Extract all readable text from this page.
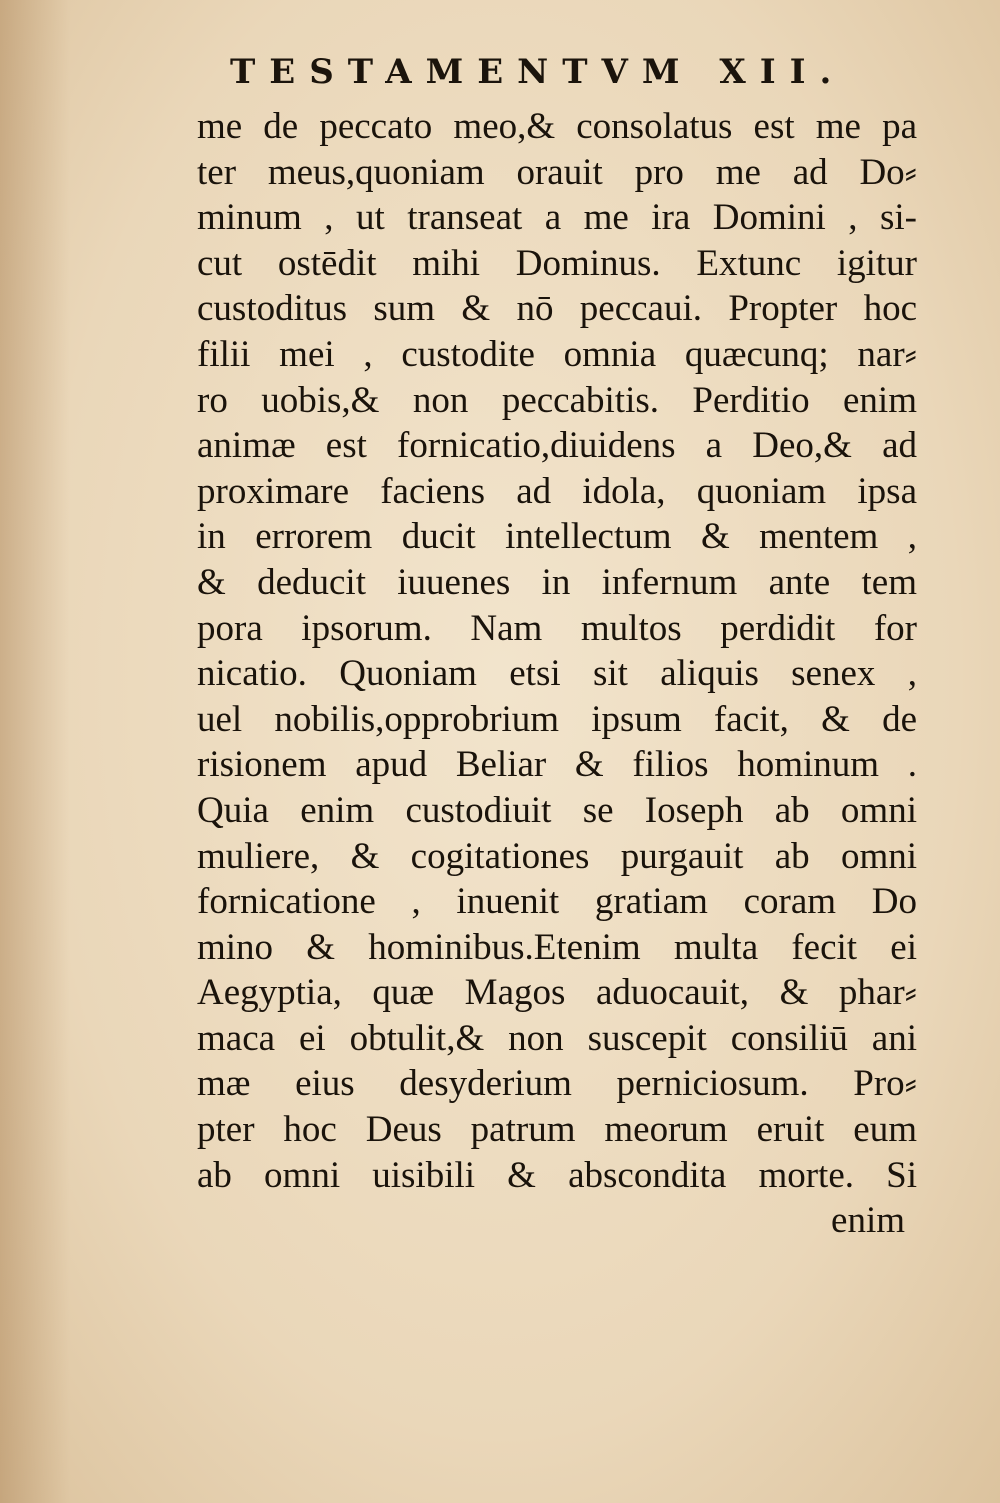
TESTAMENTVM XII.
me de peccato meo,& consolatus est me pa
ter meus,quoniam orauit pro me ad Do⸗
minum , ut transeat a me ira Domini , si-
cut ostēdit mihi Dominus. Extunc igitur
custoditus sum & nō peccaui. Propter hoc
filii mei , custodite omnia quæcunq; nar⸗
ro uobis,& non peccabitis. Perditio enim
animæ est fornicatio,diuidens a Deo,& ad
proximare faciens ad idola, quoniam ipsa
in errorem ducit intellectum & mentem ,
& deducit iuuenes in infernum ante tem
pora ipsorum. Nam multos perdidit for
nicatio. Quoniam etsi sit aliquis senex ,
uel nobilis,opprobrium ipsum facit, & de
risionem apud Beliar & filios hominum .
Quia enim custodiuit se Ioseph ab omni
muliere, & cogitationes purgauit ab omni
fornicatione , inuenit gratiam coram Do
mino & hominibus.Etenim multa fecit ei
Aegyptia, quæ Magos aduocauit, & phar⸗
maca ei obtulit,& non suscepit consiliū ani
mæ eius desyderium perniciosum. Pro⸗
pter hoc Deus patrum meorum eruit eum
ab omni uisibili & abscondita morte. Si
enim
